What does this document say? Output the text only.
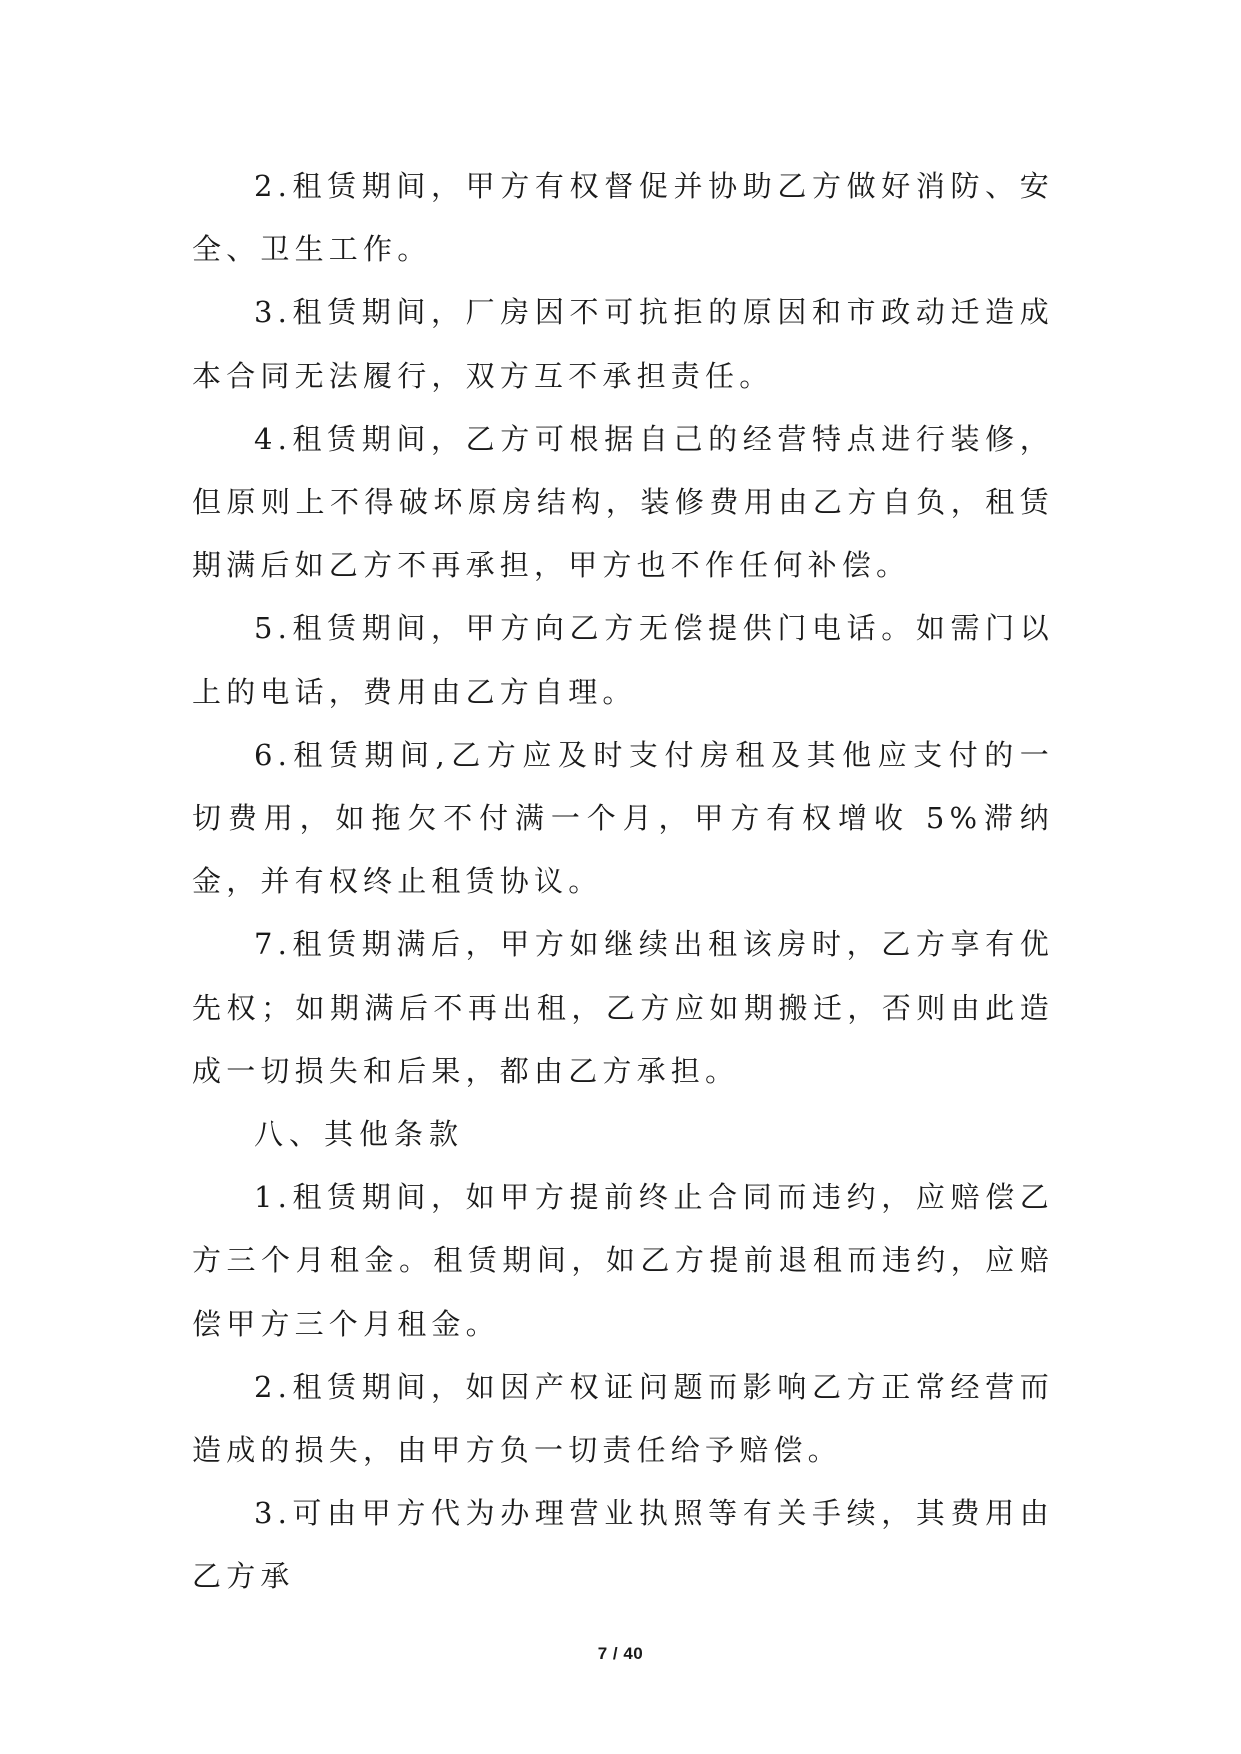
2.租赁期间，甲方有权督促并协助乙方做好消防、安全、卫生工作。

3.租赁期间，厂房因不可抗拒的原因和市政动迁造成本合同无法履行，双方互不承担责任。

4.租赁期间，乙方可根据自己的经营特点进行装修，但原则上不得破坏原房结构，装修费用由乙方自负，租赁期满后如乙方不再承担，甲方也不作任何补偿。

5.租赁期间，甲方向乙方无偿提供门电话。如需门以上的电话，费用由乙方自理。

6.租赁期间,乙方应及时支付房租及其他应支付的一切费用，如拖欠不付满一个月，甲方有权增收 5%滞纳金，并有权终止租赁协议。

7.租赁期满后，甲方如继续出租该房时，乙方享有优先权；如期满后不再出租，乙方应如期搬迁，否则由此造成一切损失和后果，都由乙方承担。

八、其他条款

1.租赁期间，如甲方提前终止合同而违约，应赔偿乙方三个月租金。租赁期间，如乙方提前退租而违约，应赔偿甲方三个月租金。

2.租赁期间，如因产权证问题而影响乙方正常经营而造成的损失，由甲方负一切责任给予赔偿。

3.可由甲方代为办理营业执照等有关手续，其费用由乙方承

7 / 40
